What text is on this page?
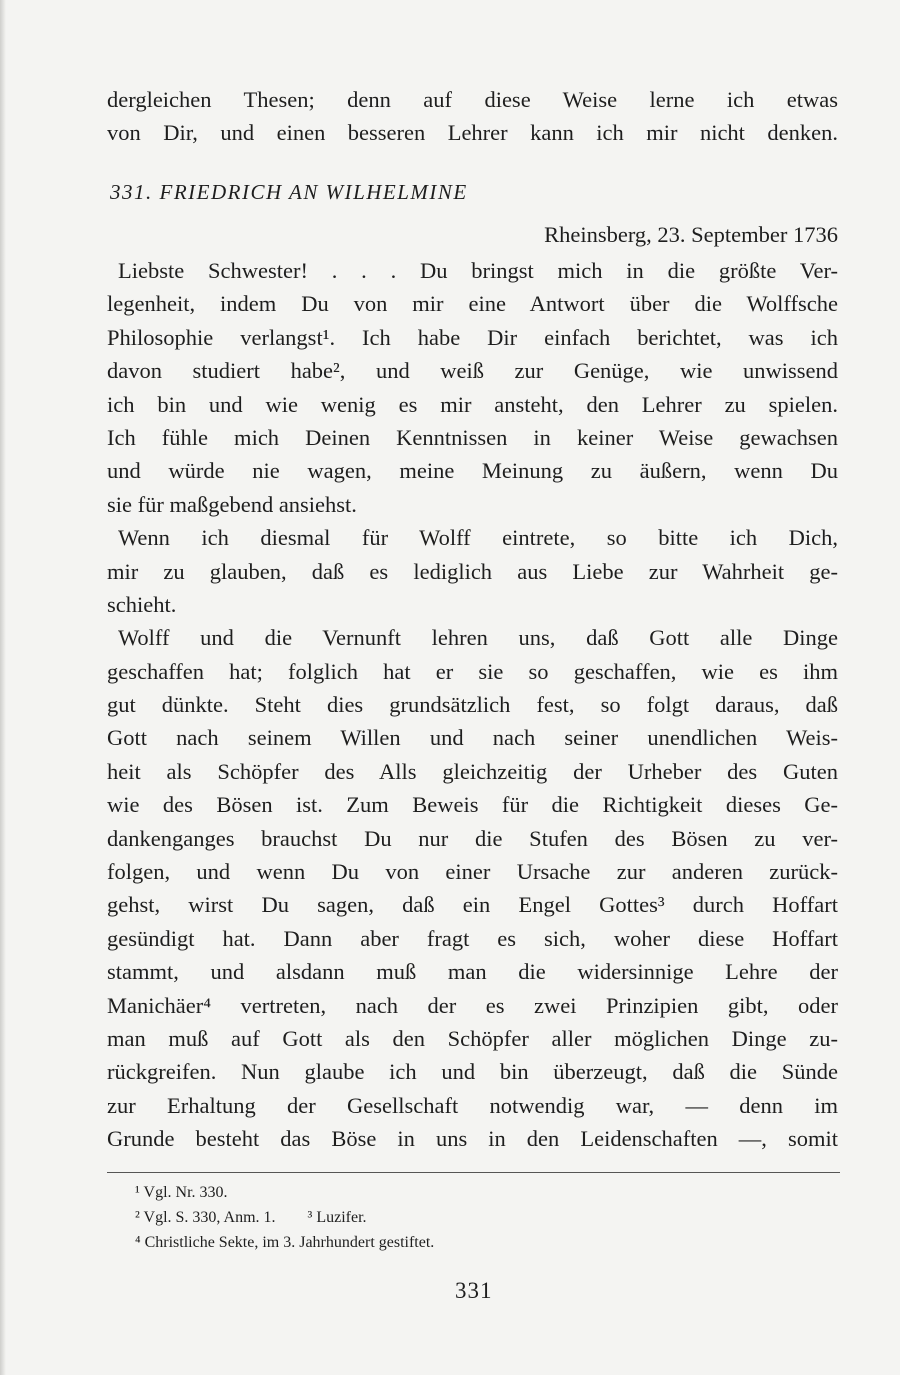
dergleichen Thesen; denn auf diese Weise lerne ich etwas
von Dir, und einen besseren Lehrer kann ich mir nicht denken.
331. FRIEDRICH AN WILHELMINE
Rheinsberg, 23. September 1736
Liebste Schwester! . . . Du bringst mich in die größte Ver-
legenheit, indem Du von mir eine Antwort über die Wolffsche
Philosophie verlangst¹. Ich habe Dir einfach berichtet, was ich
davon studiert habe², und weiß zur Genüge, wie unwissend
ich bin und wie wenig es mir ansteht, den Lehrer zu spielen.
Ich fühle mich Deinen Kenntnissen in keiner Weise gewachsen
und würde nie wagen, meine Meinung zu äußern, wenn Du
sie für maßgebend ansiehst.
Wenn ich diesmal für Wolff eintrete, so bitte ich Dich,
mir zu glauben, daß es lediglich aus Liebe zur Wahrheit ge-
schieht.
Wolff und die Vernunft lehren uns, daß Gott alle Dinge
geschaffen hat; folglich hat er sie so geschaffen, wie es ihm
gut dünkte. Steht dies grundsätzlich fest, so folgt daraus, daß
Gott nach seinem Willen und nach seiner unendlichen Weis-
heit als Schöpfer des Alls gleichzeitig der Urheber des Guten
wie des Bösen ist. Zum Beweis für die Richtigkeit dieses Ge-
dankenganges brauchst Du nur die Stufen des Bösen zu ver-
folgen, und wenn Du von einer Ursache zur anderen zurück-
gehst, wirst Du sagen, daß ein Engel Gottes³ durch Hoffart
gesündigt hat. Dann aber fragt es sich, woher diese Hoffart
stammt, und alsdann muß man die widersinnige Lehre der
Manichäer⁴ vertreten, nach der es zwei Prinzipien gibt, oder
man muß auf Gott als den Schöpfer aller möglichen Dinge zu-
rückgreifen. Nun glaube ich und bin überzeugt, daß die Sünde
zur Erhaltung der Gesellschaft notwendig war, — denn im
Grunde besteht das Böse in uns in den Leidenschaften —, somit
¹ Vgl. Nr. 330.
² Vgl. S. 330, Anm. 1.        ³ Luzifer.
⁴ Christliche Sekte, im 3. Jahrhundert gestiftet.
331
